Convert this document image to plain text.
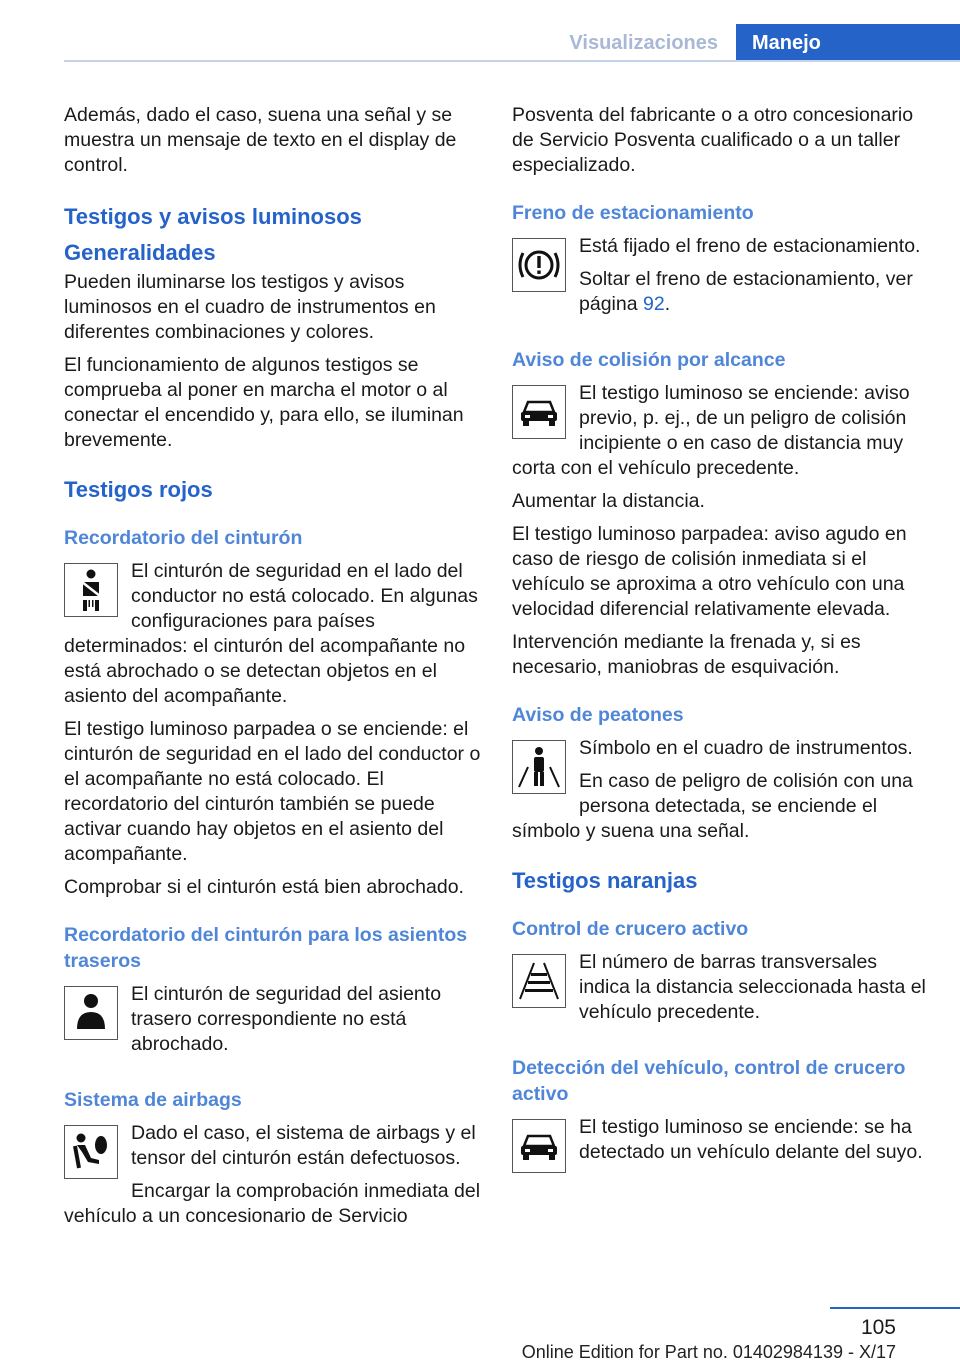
Visualizaciones	Manejo

Además, dado el caso, suena una señal y se muestra un mensaje de texto en el display de control.

Testigos y avisos luminosos
Generalidades

Pueden iluminarse los testigos y avisos luminosos en el cuadro de instrumentos en diferentes combinaciones y colores.

El funcionamiento de algunos testigos se comprueba al poner en marcha el motor o al conectar el encendido y, para ello, se iluminan brevemente.

Testigos rojos
Recordatorio del cinturón

El cinturón de seguridad en el lado del conductor no está colocado. En algunas configuraciones para países determinados: el cinturón del acompañante no está abrochado o se detectan objetos en el asiento del acompañante.

El testigo luminoso parpadea o se enciende: el cinturón de seguridad en el lado del conductor o el acompañante no está colocado. El recordatorio del cinturón también se puede activar cuando hay objetos en el asiento del acompañante.

Comprobar si el cinturón está bien abrochado.

Recordatorio del cinturón para los asientos traseros

El cinturón de seguridad del asiento trasero correspondiente no está abrochado.

Sistema de airbags

Dado el caso, el sistema de airbags y el tensor del cinturón están defectuosos.

Encargar la comprobación inmediata del vehículo a un concesionario de Servicio

Posventa del fabricante o a otro concesionario de Servicio Posventa cualificado o a un taller especializado.

Freno de estacionamiento

Está fijado el freno de estacionamiento.

Soltar el freno de estacionamiento, ver página 92.

Aviso de colisión por alcance

El testigo luminoso se enciende: aviso previo, p. ej., de un peligro de colisión incipiente o en caso de distancia muy corta con el vehículo precedente.

Aumentar la distancia.

El testigo luminoso parpadea: aviso agudo en caso de riesgo de colisión inmediata si el vehículo se aproxima a otro vehículo con una velocidad diferencial relativamente elevada.

Intervención mediante la frenada y, si es necesario, maniobras de esquivación.

Aviso de peatones

Símbolo en el cuadro de instrumentos.

En caso de peligro de colisión con una persona detectada, se enciende el símbolo y suena una señal.

Testigos naranjas
Control de crucero activo

El número de barras transversales indica la distancia seleccionada hasta el vehículo precedente.

Detección del vehículo, control de crucero activo

El testigo luminoso se enciende: se ha detectado un vehículo delante del suyo.

105
Online Edition for Part no. 01402984139 - X/17
